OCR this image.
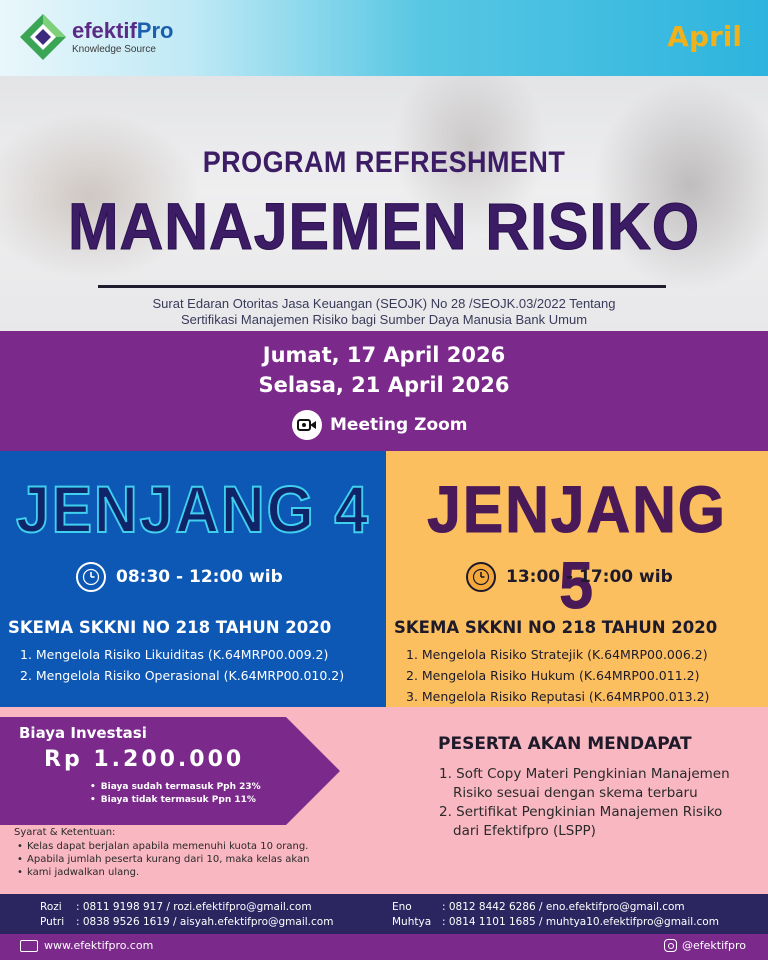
efektifPro
Knowledge Source	April
PROGRAM REFRESHMENT
MANAJEMEN RISIKO
Surat Edaran Otoritas Jasa Keuangan (SEOJK) No 28 /SEOJK.03/2022 Tentang
Sertifikasi Manajemen Risiko bagi Sumber Daya Manusia Bank Umum
Jumat, 17 April 2026
Selasa, 21 April 2026
Meeting Zoom
JENJANG 4
08:30 - 12:00 wib
SKEMA SKKNI NO 218 TAHUN 2020
1. Mengelola Risiko Likuiditas (K.64MRP00.009.2)
2. Mengelola Risiko Operasional (K.64MRP00.010.2)
JENJANG 5
13:00 - 17:00 wib
SKEMA SKKNI NO 218 TAHUN 2020
1. Mengelola Risiko Stratejik (K.64MRP00.006.2)
2. Mengelola Risiko Hukum (K.64MRP00.011.2)
3. Mengelola Risiko Reputasi (K.64MRP00.013.2)
Biaya Investasi
Rp 1.200.000
• Biaya sudah termasuk Pph 23%
• Biaya tidak termasuk Ppn 11%
Syarat & Ketentuan:
• Kelas dapat berjalan apabila memenuhi kuota 10 orang.
• Apabila jumlah peserta kurang dari 10, maka kelas akan
• kami jadwalkan ulang.
PESERTA AKAN MENDAPAT
1. Soft Copy Materi Pengkinian Manajemen Risiko sesuai dengan skema terbaru
2. Sertifikat Pengkinian Manajemen Risiko dari Efektifpro (LSPP)
Rozi	: 0811 9198 917 / rozi.efektifpro@gmail.com
Putri	: 0838 9526 1619 / aisyah.efektifpro@gmail.com
Eno	: 0812 8442 6286 / eno.efektifpro@gmail.com
Muhtya	: 0814 1101 1685 / muhtya10.efektifpro@gmail.com
www.efektifpro.com	@efektifpro
